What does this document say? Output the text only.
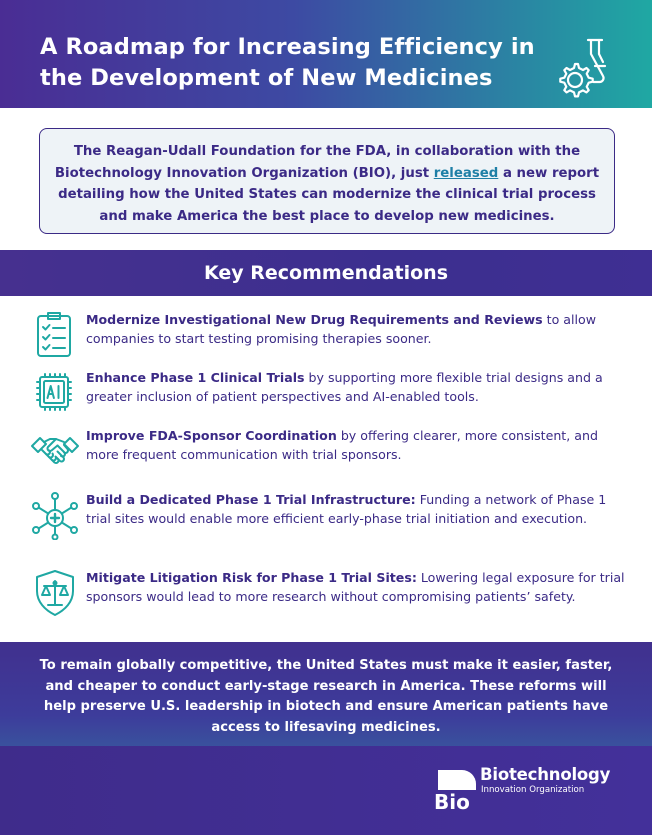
A Roadmap for Increasing Efficiency in the Development of New Medicines
The Reagan-Udall Foundation for the FDA, in collaboration with the Biotechnology Innovation Organization (BIO), just released a new report detailing how the United States can modernize the clinical trial process and make America the best place to develop new medicines.
Key Recommendations
Modernize Investigational New Drug Requirements and Reviews to allow companies to start testing promising therapies sooner.
Enhance Phase 1 Clinical Trials by supporting more flexible trial designs and a greater inclusion of patient perspectives and AI-enabled tools.
Improve FDA-Sponsor Coordination by offering clearer, more consistent, and more frequent communication with trial sponsors.
Build a Dedicated Phase 1 Trial Infrastructure: Funding a network of Phase 1 trial sites would enable more efficient early-phase trial initiation and execution.
Mitigate Litigation Risk for Phase 1 Trial Sites: Lowering legal exposure for trial sponsors would lead to more research without compromising patients’ safety.
To remain globally competitive, the United States must make it easier, faster, and cheaper to conduct early-stage research in America. These reforms will help preserve U.S. leadership in biotech and ensure American patients have access to lifesaving medicines.
Bio
Biotechnology
Innovation Organization
